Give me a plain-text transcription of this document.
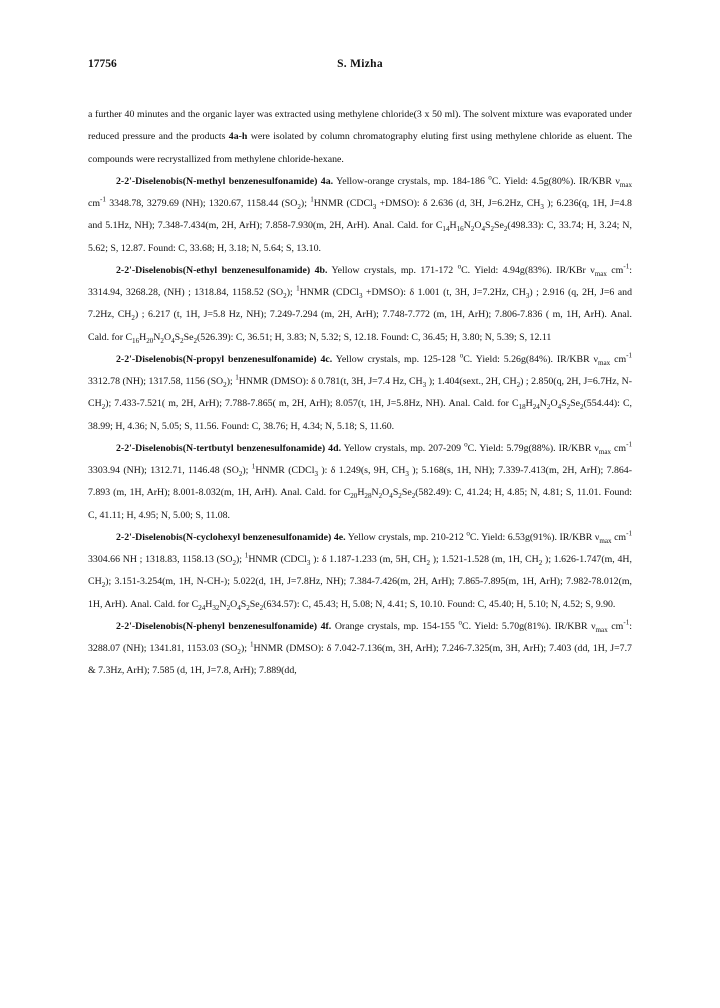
17756	S. Mizha

a further 40 minutes and the organic layer was extracted using methylene chloride(3 x 50 ml). The solvent mixture was evaporated under reduced pressure and the products 4a-h were isolated by column chromatography eluting first using methylene chloride as eluent. The compounds were recrystallized from methylene chloride-hexane.

2-2'-Diselenobis(N-methyl benzenesulfonamide) 4a. Yellow-orange crystals, mp. 184-186 $^o$C. Yield: 4.5g(80%). IR/KBR $\nu_{max}$ $cm^{-1}$ 3348.78, 3279.69 (NH); 1320.67, 1158.44 $(SO_2)$; $^1$HNMR (CDCl$_3$ +DMSO): δ 2.636 (d, 3H, J=6.2Hz, $CH_3$ ); 6.236(q, 1H, J=4.8 and 5.1Hz, NH); 7.348-7.434(m, 2H, ArH); 7.858-7.930(m, 2H, ArH). Anal. Cald. for $C_{14}H_{16}N_2O_4S_2Se_2(498.33)$: C, 33.74; H, 3.24; N, 5.62; S, 12.87. Found: C, 33.68; H, 3.18; N, 5.64; S, 13.10.

2-2'-Diselenobis(N-ethyl benzenesulfonamide) 4b. Yellow crystals, mp. 171-172 $^o$C. Yield: 4.94g(83%). IR/KBr $\nu_{max}$ $cm^{-1}$: 3314.94, 3268.28, (NH) ; 1318.84, 1158.52 $(SO_2)$; $^1$HNMR (CDCl$_3$ +DMSO): δ 1.001 (t, 3H, J=7.2Hz, $CH_3$) ; 2.916 (q, 2H, J=6 and 7.2Hz, $CH_2$) ; 6.217 (t, 1H, J=5.8 Hz, NH); 7.249-7.294 (m, 2H, ArH); 7.748-7.772 (m, 1H, ArH); 7.806-7.836 ( m, 1H, ArH). Anal. Cald. for $C_{16}H_{20}N_2O_4S_2Se_2(526.39)$: C, 36.51; H, 3.83; N, 5.32; S, 12.18. Found: C, 36.45; H, 3.80; N, 5.39; S, 12.11

2-2'-Diselenobis(N-propyl benzenesulfonamide) 4c. Yellow crystals, mp. 125-128 $^o$C. Yield: 5.26g(84%). IR/KBR $\nu_{max}$ $cm^{-1}$ 3312.78 (NH); 1317.58, 1156 $(SO_2)$; $^1$HNMR (DMSO): δ 0.781(t, 3H, J=7.4 Hz, $CH_3$ ); 1.404(sext., 2H, $CH_2$) ; 2.850(q, 2H, J=6.7Hz, $N-CH_2$); 7.433-7.521( m, 2H, ArH); 7.788-7.865( m, 2H, ArH); 8.057(t, 1H, J=5.8Hz, NH). Anal. Cald. for $C_{18}H_{24}N_2O_4S_2Se_2(554.44)$: C, 38.99; H, 4.36; N, 5.05; S, 11.56. Found: C, 38.76; H, 4.34; N, 5.18; S, 11.60.

2-2'-Diselenobis(N-tertbutyl benzenesulfonamide) 4d. Yellow crystals, mp. 207-209 $^o$C. Yield: 5.79g(88%). IR/KBR $\nu_{max}$ $cm^{-1}$ 3303.94 (NH); 1312.71, 1146.48 $(SO_2)$; $^1$HNMR (CDCl$_3$ ): δ 1.249(s, 9H, $CH_3$ ); 5.168(s, 1H, NH); 7.339-7.413(m, 2H, ArH); 7.864-7.893 (m, 1H, ArH); 8.001-8.032(m, 1H, ArH). Anal. Cald. for $C_{20}H_{28}N_2O_4S_2Se_2(582.49)$: C, 41.24; H, 4.85; N, 4.81; S, 11.01. Found: C, 41.11; H, 4.95; N, 5.00; S, 11.08.

2-2'-Diselenobis(N-cyclohexyl benzenesulfonamide) 4e. Yellow crystals, mp. 210-212 $^o$C. Yield: 6.53g(91%). IR/KBR $\nu_{max}$ $cm^{-1}$ 3304.66 NH ; 1318.83, 1158.13 $(SO_2)$; $^1$HNMR (CDCl$_3$ ): δ 1.187-1.233 (m, 5H, $CH_2$ ); 1.521-1.528 (m, 1H, $CH_2$ ); 1.626-1.747(m, 4H, $CH_2$); 3.151-3.254(m, 1H, N-CH-); 5.022(d, 1H, J=7.8Hz, NH); 7.384-7.426(m, 2H, ArH); 7.865-7.895(m, 1H, ArH); 7.982-78.012(m, 1H, ArH). Anal. Cald. for $C_{24}H_{32}N_2O_4S_2Se_2(634.57)$: C, 45.43; H, 5.08; N, 4.41; S, 10.10. Found: C, 45.40; H, 5.10; N, 4.52; S, 9.90.

2-2'-Diselenobis(N-phenyl benzenesulfonamide) 4f. Orange crystals, mp. 154-155 $^o$C. Yield: 5.70g(81%). IR/KBR $\nu_{max}$ $cm^{-1}$: 3288.07 (NH); 1341.81, 1153.03 $(SO_2)$; $^1$HNMR (DMSO): δ 7.042-7.136(m, 3H, ArH); 7.246-7.325(m, 3H, ArH); 7.403 (dd, 1H, J=7.7 & 7.3Hz, ArH); 7.585 (d, 1H, J=7.8, ArH); 7.889(dd,
